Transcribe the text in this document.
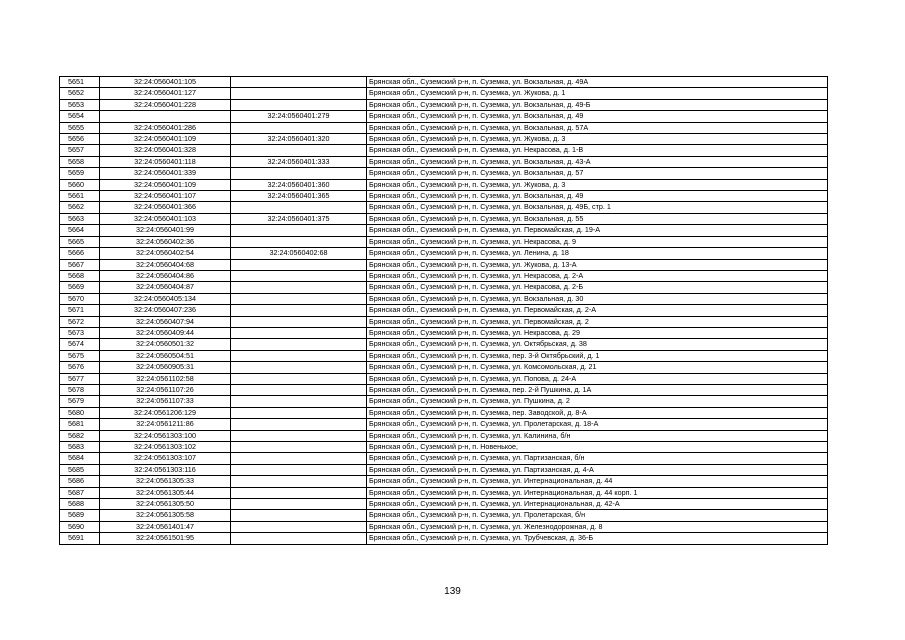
5651	32:24:0560401:105		Брянская обл., Суземский р-н, п. Суземка, ул. Вокзальная, д. 49А
5652	32:24:0560401:127		Брянская обл., Суземский р-н, п. Суземка, ул. Жукова, д. 1
5653	32:24:0560401:228		Брянская обл., Суземский р-н, п. Суземка, ул. Вокзальная, д. 49-Б
5654		32:24:0560401:279	Брянская обл., Суземский р-н, п. Суземка, ул. Вокзальная, д. 49
5655	32:24:0560401:286		Брянская обл., Суземский р-н, п. Суземка, ул. Вокзальная, д. 57А
5656	32:24:0560401:109	32:24:0560401:320	Брянская обл., Суземский р-н, п. Суземка, ул. Жукова, д. 3
5657	32:24:0560401:328		Брянская обл., Суземский р-н, п. Суземка, ул. Некрасова, д. 1-В
5658	32:24:0560401:118	32:24:0560401:333	Брянская обл., Суземский р-н, п. Суземка, ул. Вокзальная, д. 43-А
5659	32:24:0560401:339		Брянская обл., Суземский р-н, п. Суземка, ул. Вокзальная, д. 57
5660	32:24:0560401:109	32:24:0560401:360	Брянская обл., Суземский р-н, п. Суземка, ул. Жукова, д. 3
5661	32:24:0560401:107	32:24:0560401:365	Брянская обл., Суземский р-н, п. Суземка, ул. Вокзальная, д. 49
5662	32:24:0560401:366		Брянская обл., Суземский р-н, п. Суземка, ул. Вокзальная, д. 49Б, стр. 1
5663	32:24:0560401:103	32:24:0560401:375	Брянская обл., Суземский р-н, п. Суземка, ул. Вокзальная, д. 55
5664	32:24:0560401:99		Брянская обл., Суземский р-н, п. Суземка, ул. Первомайская, д. 19-А
5665	32:24:0560402:36		Брянская обл., Суземский р-н, п. Суземка, ул. Некрасова, д. 9
5666	32:24:0560402:54	32:24:0560402:68	Брянская обл., Суземский р-н, п. Суземка, ул. Ленина, д. 18
5667	32:24:0560404:68		Брянская обл., Суземский р-н, п. Суземка, ул. Жукова, д. 13-А
5668	32:24:0560404:86		Брянская обл., Суземский р-н, п. Суземка, ул. Некрасова, д. 2-А
5669	32:24:0560404:87		Брянская обл., Суземский р-н, п. Суземка, ул. Некрасова, д. 2-Б
5670	32:24:0560405:134		Брянская обл., Суземский р-н, п. Суземка, ул. Вокзальная, д. 30
5671	32:24:0560407:236		Брянская обл., Суземский р-н, п. Суземка, ул. Первомайская, д. 2-А
5672	32:24:0560407:94		Брянская обл., Суземский р-н, п. Суземка, ул. Первомайская, д. 2
5673	32:24:0560409:44		Брянская обл., Суземский р-н, п. Суземка, ул. Некрасова, д. 29
5674	32:24:0560501:32		Брянская обл., Суземский р-н, п. Суземка, ул. Октябрьская, д. 38
5675	32:24:0560504:51		Брянская обл., Суземский р-н, п. Суземка, пер. 3-й Октябрьский, д. 1
5676	32:24:0560905:31		Брянская обл., Суземский р-н, п. Суземка, ул. Комсомольская, д. 21
5677	32:24:0561102:58		Брянская обл., Суземский р-н, п. Суземка, ул. Попова, д. 24-А
5678	32:24:0561107:26		Брянская обл., Суземский р-н, п. Суземка, пер. 2-й Пушкина, д. 1А
5679	32:24:0561107:33		Брянская обл., Суземский р-н, п. Суземка, ул. Пушкина, д. 2
5680	32:24:0561206:129		Брянская обл., Суземский р-н, п. Суземка, пер. Заводской, д. 8-А
5681	32:24:0561211:86		Брянская обл., Суземский р-н, п. Суземка, ул. Пролетарская, д. 18-А
5682	32:24:0561303:100		Брянская обл., Суземский р-н, п. Суземка, ул. Калинина, б/н
5683	32:24:0561303:102		Брянская обл., Суземский р-н, п. Новенькое,
5684	32:24:0561303:107		Брянская обл., Суземский р-н, п. Суземка, ул. Партизанская, б/н
5685	32:24:0561303:116		Брянская обл., Суземский р-н, п. Суземка, ул. Партизанская, д. 4-А
5686	32:24:0561305:33		Брянская обл., Суземский р-н, п. Суземка, ул. Интернациональная, д. 44
5687	32:24:0561305:44		Брянская обл., Суземский р-н, п. Суземка, ул. Интернациональная, д. 44 корп. 1
5688	32:24:0561305:50		Брянская обл., Суземский р-н, п. Суземка, ул. Интернациональная, д. 42-А
5689	32:24:0561305:58		Брянская обл., Суземский р-н, п. Суземка, ул. Пролетарская, б/н
5690	32:24:0561401:47		Брянская обл., Суземский р-н, п. Суземка, ул. Железнодорожная, д. 8
5691	32:24:0561501:95		Брянская обл., Суземский р-н, п. Суземка, ул. Трубчевская, д. 36-Б
139
